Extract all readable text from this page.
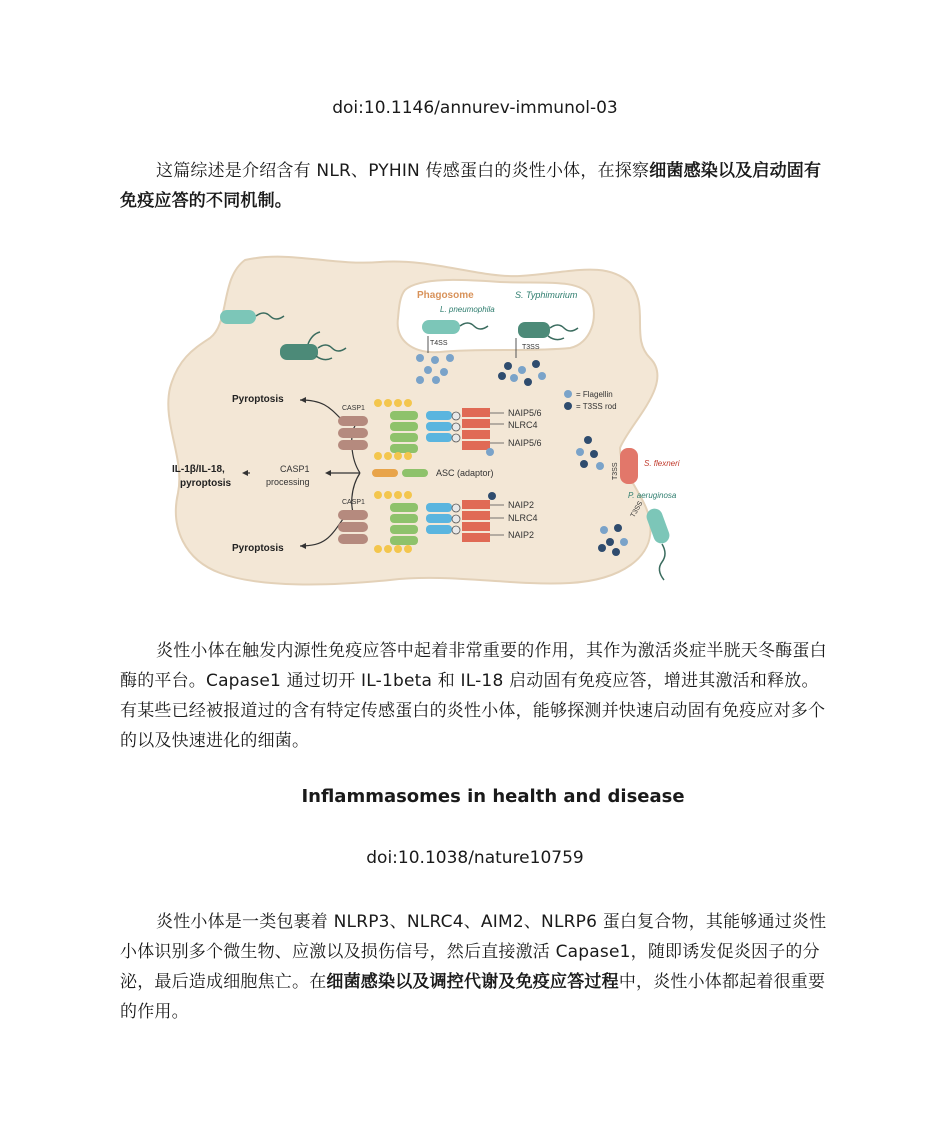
doi:10.1146/annurev-immunol-03
这篇综述是介绍含有 NLR、PYHIN 传感蛋白的炎性小体，在探察细菌感染以及启动固有免疫应答的不同机制。
Phagosome	S. Typhimurium
L. pneumophila
T4SS
T3SS
= Flagellin
= T3SS rod
Pyroptosis
IL-1β/IL-18,
pyroptosis
CASP1
processing
Pyroptosis
CASP1	NAIP5/6
NLRC4
NAIP5/6
ASC (adaptor)
CASP1	NAIP2
NLRC4
NAIP2
T3SS	S. flexneri
P. aeruginosa
T3SS
炎性小体在触发内源性免疫应答中起着非常重要的作用，其作为激活炎症半胱天冬酶蛋白酶的平台。Capase1 通过切开 IL-1beta 和 IL-18 启动固有免疫应答，增进其激活和释放。有某些已经被报道过的含有特定传感蛋白的炎性小体，能够探测并快速启动固有免疫应对多个的以及快速进化的细菌。
Inflammasomes in health and disease
doi:10.1038/nature10759
炎性小体是一类包裹着 NLRP3、NLRC4、AIM2、NLRP6 蛋白复合物，其能够通过炎性小体识别多个微生物、应激以及损伤信号，然后直接激活 Capase1，随即诱发促炎因子的分泌，最后造成细胞焦亡。在细菌感染以及调控代谢及免疫应答过程中，炎性小体都起着很重要的作用。
